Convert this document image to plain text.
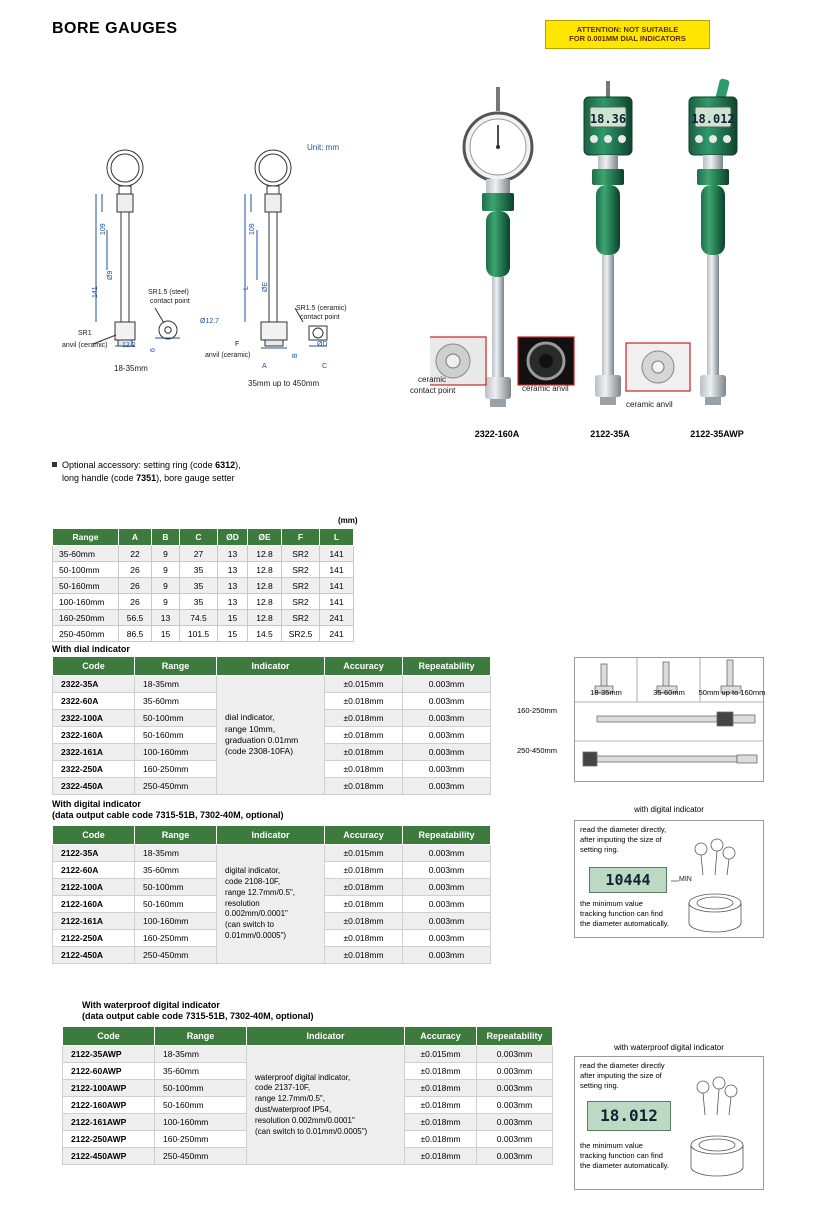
BORE GAUGES	ATTENTION: NOT SUITABLE
FOR 0.001MM DIAL INDICATORS
Unit: mm
109
141
Ø9
SR1.5 (steel)
contact point
Ø12.7
SR1
anvil (ceramic) 12.2
6
18-35mm
109
L ØE
SR1.5 (ceramic)
contact point
F
anvil (ceramic)	B
ØD
A	C
35mm up to 450mm
18.36	18.012
ceramic
contact point	ceramic anvil
ceramic anvil
2322-160A	2122-35A	2122-35AWP
Optional accessory: setting ring (code 6312),
long handle (code 7351), bore gauge setter
(mm)
Range	A	B	C	ØD	ØE	F	L
35-60mm	22	9	27	13	12.8	SR2	141
50-100mm	26	9	35	13	12.8	SR2	141
50-160mm	26	9	35	13	12.8	SR2	141
100-160mm	26	9	35	13	12.8	SR2	141
160-250mm	56.5	13	74.5	15	12.8	SR2	241
250-450mm	86.5	15	101.5	15	14.5	SR2.5	241
With dial indicator
Code	Range	Indicator	Accuracy	Repeatability
2322-35A	18-35mm	dial indicator,
range 10mm,
graduation 0.01mm
(code 2308-10FA)	±0.015mm	0.003mm
2322-60A	35-60mm		±0.018mm	0.003mm
2322-100A	50-100mm		±0.018mm	0.003mm
2322-160A	50-160mm		±0.018mm	0.003mm
2322-161A	100-160mm		±0.018mm	0.003mm
2322-250A	160-250mm		±0.018mm	0.003mm
2322-450A	250-450mm		±0.018mm	0.003mm
18-35mm	35-60mm	50mm up to 160mm
160-250mm
250-450mm
With digital indicator
(data output cable code 7315-51B, 7302-40M, optional)
Code	Range	Indicator	Accuracy	Repeatability
2122-35A	18-35mm	digital indicator,
code 2108-10F,
range 12.7mm/0.5",
resolution
0.002mm/0.0001"
(can switch to
0.01mm/0.0005")	±0.015mm	0.003mm
2122-60A	35-60mm		±0.018mm	0.003mm
2122-100A	50-100mm		±0.018mm	0.003mm
2122-160A	50-160mm		±0.018mm	0.003mm
2122-161A	100-160mm		±0.018mm	0.003mm
2122-250A	160-250mm		±0.018mm	0.003mm
2122-450A	250-450mm		±0.018mm	0.003mm
with digital indicator
read the diameter directly,
after imputing the size of
setting ring.
10444	MIN
the minimum value
tracking function can find
the diameter automatically.
With waterproof digital indicator
(data output cable code 7315-51B, 7302-40M, optional)
Code	Range	Indicator	Accuracy	Repeatability
2122-35AWP	18-35mm	waterproof digital indicator,
code 2137-10F,
range 12.7mm/0.5",
dust/waterproof IP54,
resolution 0.002mm/0.0001"
(can switch to 0.01mm/0.0005")	±0.015mm	0.003mm
2122-60AWP	35-60mm		±0.018mm	0.003mm
2122-100AWP	50-100mm		±0.018mm	0.003mm
2122-160AWP	50-160mm		±0.018mm	0.003mm
2122-161AWP	100-160mm		±0.018mm	0.003mm
2122-250AWP	160-250mm		±0.018mm	0.003mm
2122-450AWP	250-450mm		±0.018mm	0.003mm
with waterproof digital indicator
read the diameter directly
after imputing the size of
setting ring.
18.012
the minimum value
tracking function can find
the diameter automatically.
